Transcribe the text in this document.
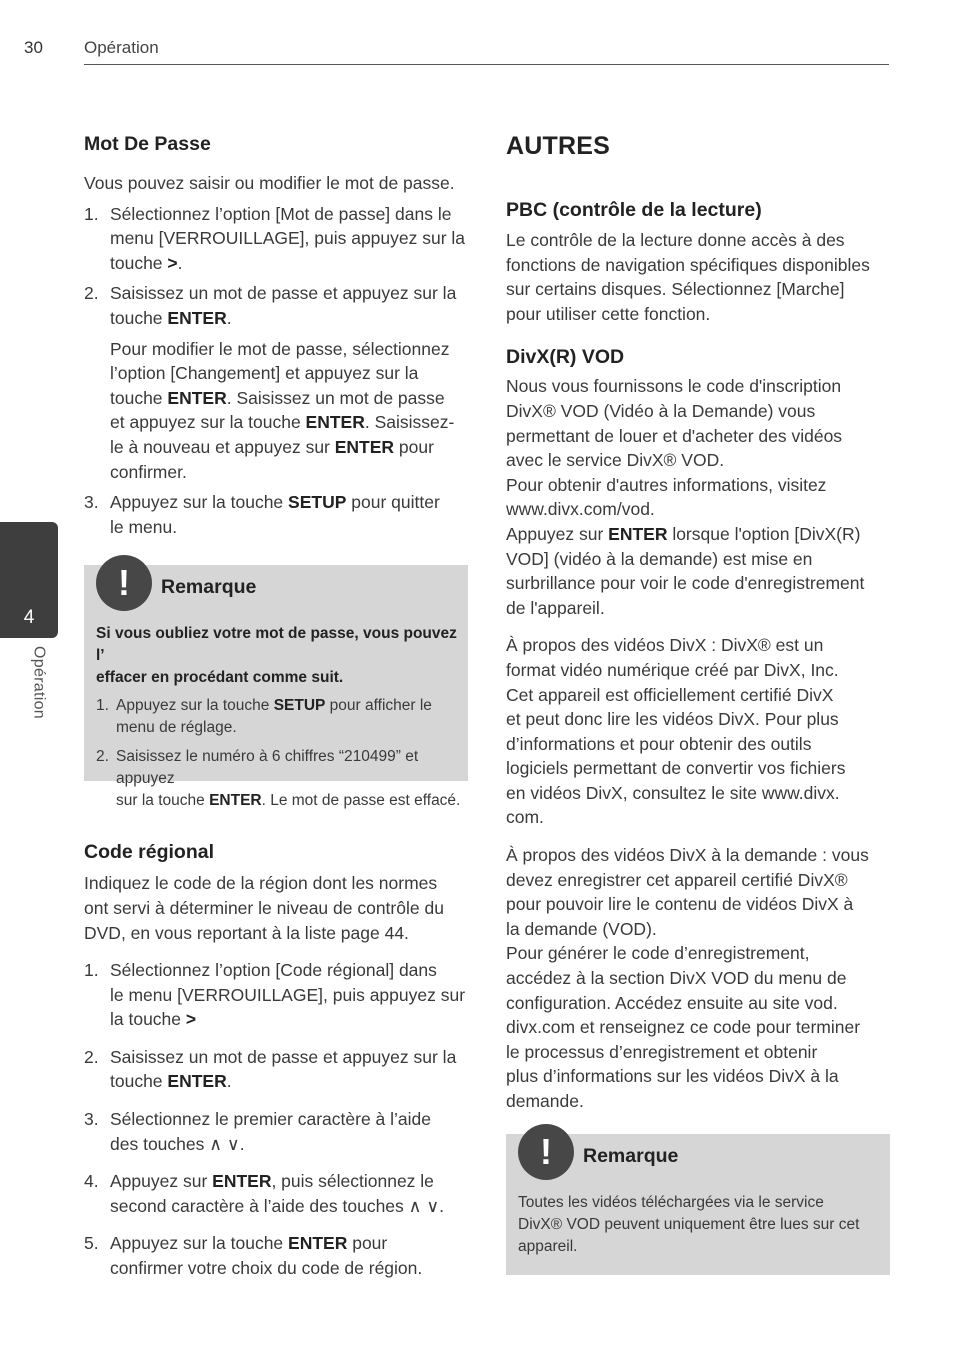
30 Opération
4
Opération
Mot De Passe

Vous pouvez saisir ou modifier le mot de passe.

1. Sélectionnez l’option [Mot de passe] dans le
menu [VERROUILLAGE], puis appuyez sur la
touche >.
2. Saisissez un mot de passe et appuyez sur la
touche ENTER.
Pour modifier le mot de passe, sélectionnez
l’option [Changement] et appuyez sur la
touche ENTER. Saisissez un mot de passe
et appuyez sur la touche ENTER. Saisissez-
le à nouveau et appuyez sur ENTER pour
confirmer.
3. Appuyez sur la touche SETUP pour quitter
le menu.
!	Remarque
Si vous oubliez votre mot de passe, vous pouvez l’
effacer en procédant comme suit.
1. Appuyez sur la touche SETUP pour afficher le
menu de réglage.
2. Saisissez le numéro à 6 chiffres “210499” et appuyez
sur la touche ENTER. Le mot de passe est effacé.
Code régional
Indiquez le code de la région dont les normes
ont servi à déterminer le niveau de contrôle du
DVD, en vous reportant à la liste page 44.
1. Sélectionnez l’option [Code régional] dans
le menu [VERROUILLAGE], puis appuyez sur
la touche >
2. Saisissez un mot de passe et appuyez sur la
touche ENTER.
3. Sélectionnez le premier caractère à l’aide
des touches ∧ ∨.
4. Appuyez sur ENTER, puis sélectionnez le
second caractère à l’aide des touches ∧ ∨.
5. Appuyez sur la touche ENTER pour
confirmer votre choix du code de région.
AUTRES
PBC (contrôle de la lecture)
Le contrôle de la lecture donne accès à des
fonctions de navigation spécifiques disponibles
sur certains disques. Sélectionnez [Marche]
pour utiliser cette fonction.
DivX(R) VOD
Nous vous fournissons le code d'inscription
DivX® VOD (Vidéo à la Demande) vous
permettant de louer et d'acheter des vidéos
avec le service DivX® VOD.
Pour obtenir d'autres informations, visitez
www.divx.com/vod.
Appuyez sur ENTER lorsque l'option [DivX(R)
VOD] (vidéo à la demande) est mise en
surbrillance pour voir le code d'enregistrement
de l'appareil.
À propos des vidéos DivX : DivX® est un
format vidéo numérique créé par DivX, Inc.
Cet appareil est officiellement certifié DivX
et peut donc lire les vidéos DivX. Pour plus
d’informations et pour obtenir des outils
logiciels permettant de convertir vos fichiers
en vidéos DivX, consultez le site www.divx.
com.
À propos des vidéos DivX à la demande : vous
devez enregistrer cet appareil certifié DivX®
pour pouvoir lire le contenu de vidéos DivX à
la demande (VOD).
Pour générer le code d’enregistrement,
accédez à la section DivX VOD du menu de
configuration. Accédez ensuite au site vod.
divx.com et renseignez ce code pour terminer
le processus d’enregistrement et obtenir
plus d’informations sur les vidéos DivX à la
demande.
!	Remarque
Toutes les vidéos téléchargées via le service
DivX® VOD peuvent uniquement être lues sur cet
appareil.
